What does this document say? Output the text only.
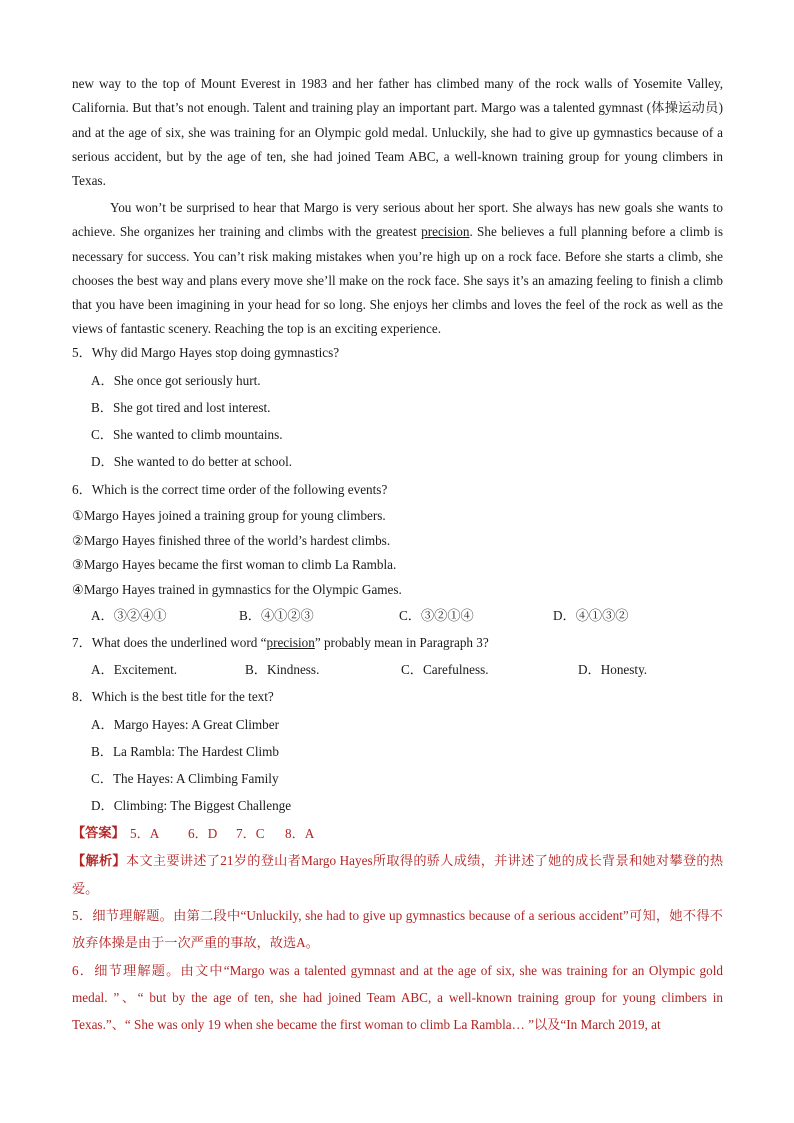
new way to the top of Mount Everest in 1983 and her father has climbed many of the rock walls of Yosemite Valley, California. But that’s not enough. Talent and training play an important part. Margo was a talented gymnast (体操运动员) and at the age of six, she was training for an Olympic gold medal. Unluckily, she had to give up gymnastics because of a serious accident, but by the age of ten, she had joined Team ABC, a well-known training group for young climbers in Texas.

You won’t be surprised to hear that Margo is very serious about her sport. She always has new goals she wants to achieve. She organizes her training and climbs with the greatest precision. She believes a full planning before a climb is necessary for success. You can’t risk making mistakes when you’re high up on a rock face. Before she starts a climb, she chooses the best way and plans every move she’ll make on the rock face. She says it’s an amazing feeling to finish a climb that you have been imagining in your head for so long. She enjoys her climbs and loves the feel of the rock as well as the views of fantastic scenery. Reaching the top is an exciting experience.

5．Why did Margo Hayes stop doing gymnastics?

A．She once got seriously hurt.

B．She got tired and lost interest.

C．She wanted to climb mountains.

D．She wanted to do better at school.

6．Which is the correct time order of the following events?

①Margo Hayes joined a training group for young climbers.

②Margo Hayes finished three of the world’s hardest climbs.

③Margo Hayes became the first woman to climb La Rambla.

④Margo Hayes trained in gymnastics for the Olympic Games.

A．③②④①	B．④①②③	C．③②①④	D．④①③②

7．What does the underlined word “precision” probably mean in Paragraph 3?

A．Excitement.	B．Kindness.	C．Carefulness.	D．Honesty.

8．Which is the best title for the text?

A．Margo Hayes: A Great Climber

B．La Rambla: The Hardest Climb

C．The Hayes: A Climbing Family

D．Climbing: The Biggest Challenge

【答案】 5．A 6．D 7．C 8．A

【解析】本文主要讲述了21岁的登山者Margo Hayes所取得的骄人成绩，并讲述了她的成长背景和她对攀登的热爱。

5．细节理解题。由第二段中“Unluckily, she had to give up gymnastics because of a serious accident”可知，她不得不放弃体操是由于一次严重的事故，故选A。

6．细节理解题。由文中“Margo was a talented gymnast and at the age of six, she was training for an Olympic gold medal. ”、“ but by the age of ten, she had joined Team ABC, a well-known training group for young climbers in Texas.”、“ She was only 19 when she became the first woman to climb La Rambla… ”以及“In March 2019, at
